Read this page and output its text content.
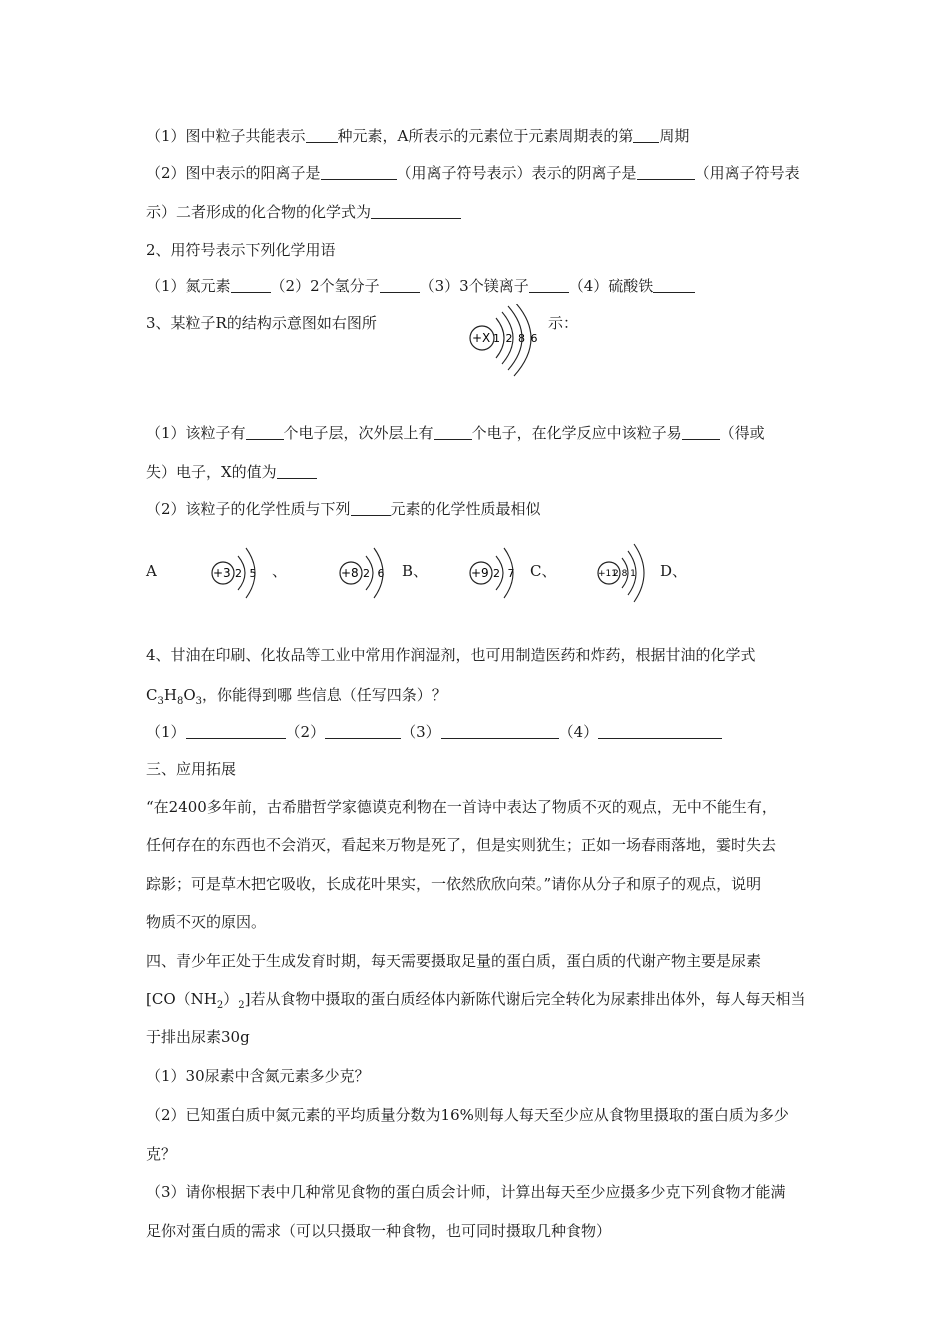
（1）图中粒子共能表示 种元素，A所表示的元素位于元素周期表的第 周期
（2）图中表示的阳离子是	（用离子符号表示）表示的阴离子是	（用离子符号表
示）二者形成的化合物的化学式为
2、用符号表示下列化学用语
（1）氮元素	（2）2个氢分子	（3）3个镁离子	（4）硫酸铁
3、某粒子R的结构示意图如右图所	示：
+X 1 2 8 6
（1）该粒子有	个电子层，次外层上有	个电子，在化学反应中该粒子易	（得或
失）电子，X的值为
（2）该粒子的化学性质与下列	元素的化学性质最相似
A	+3 2 5 、	+8 2 6 B、	+9 2 7 C、	+11
2 8 1 D、
4、甘油在印刷、化妆品等工业中常用作润湿剂，也可用制造医药和炸药，根据甘油的化学式
$C_3H_8O_3$，你能得到哪 些信息（任写四条）？
（1）	（2）	（3）	（4）
三、应用拓展
“在2400多年前，古希腊哲学家德谟克利物在一首诗中表达了物质不灭的观点，无中不能生有，
任何存在的东西也不会消灭，看起来万物是死了，但是实则犹生；正如一场春雨落地，霎时失去
踪影；可是草木把它吸收，长成花叶果实，一依然欣欣向荣。”请你从分子和原子的观点，说明
物质不灭的原因。
四、青少年正处于生成发育时期，每天需要摄取足量的蛋白质，蛋白质的代谢产物主要是尿素
$[CO(NH_2)_2]$若从食物中摄取的蛋白质经体内新陈代谢后完全转化为尿素排出体外，每人每天相当
于排出尿素30g
（1）30尿素中含氮元素多少克？
（2）已知蛋白质中氮元素的平均质量分数为16%则每人每天至少应从食物里摄取的蛋白质为多少
克？
（3）请你根据下表中几种常见食物的蛋白质会计师，计算出每天至少应摄多少克下列食物才能满
足你对蛋白质的需求（可以只摄取一种食物，也可同时摄取几种食物）
